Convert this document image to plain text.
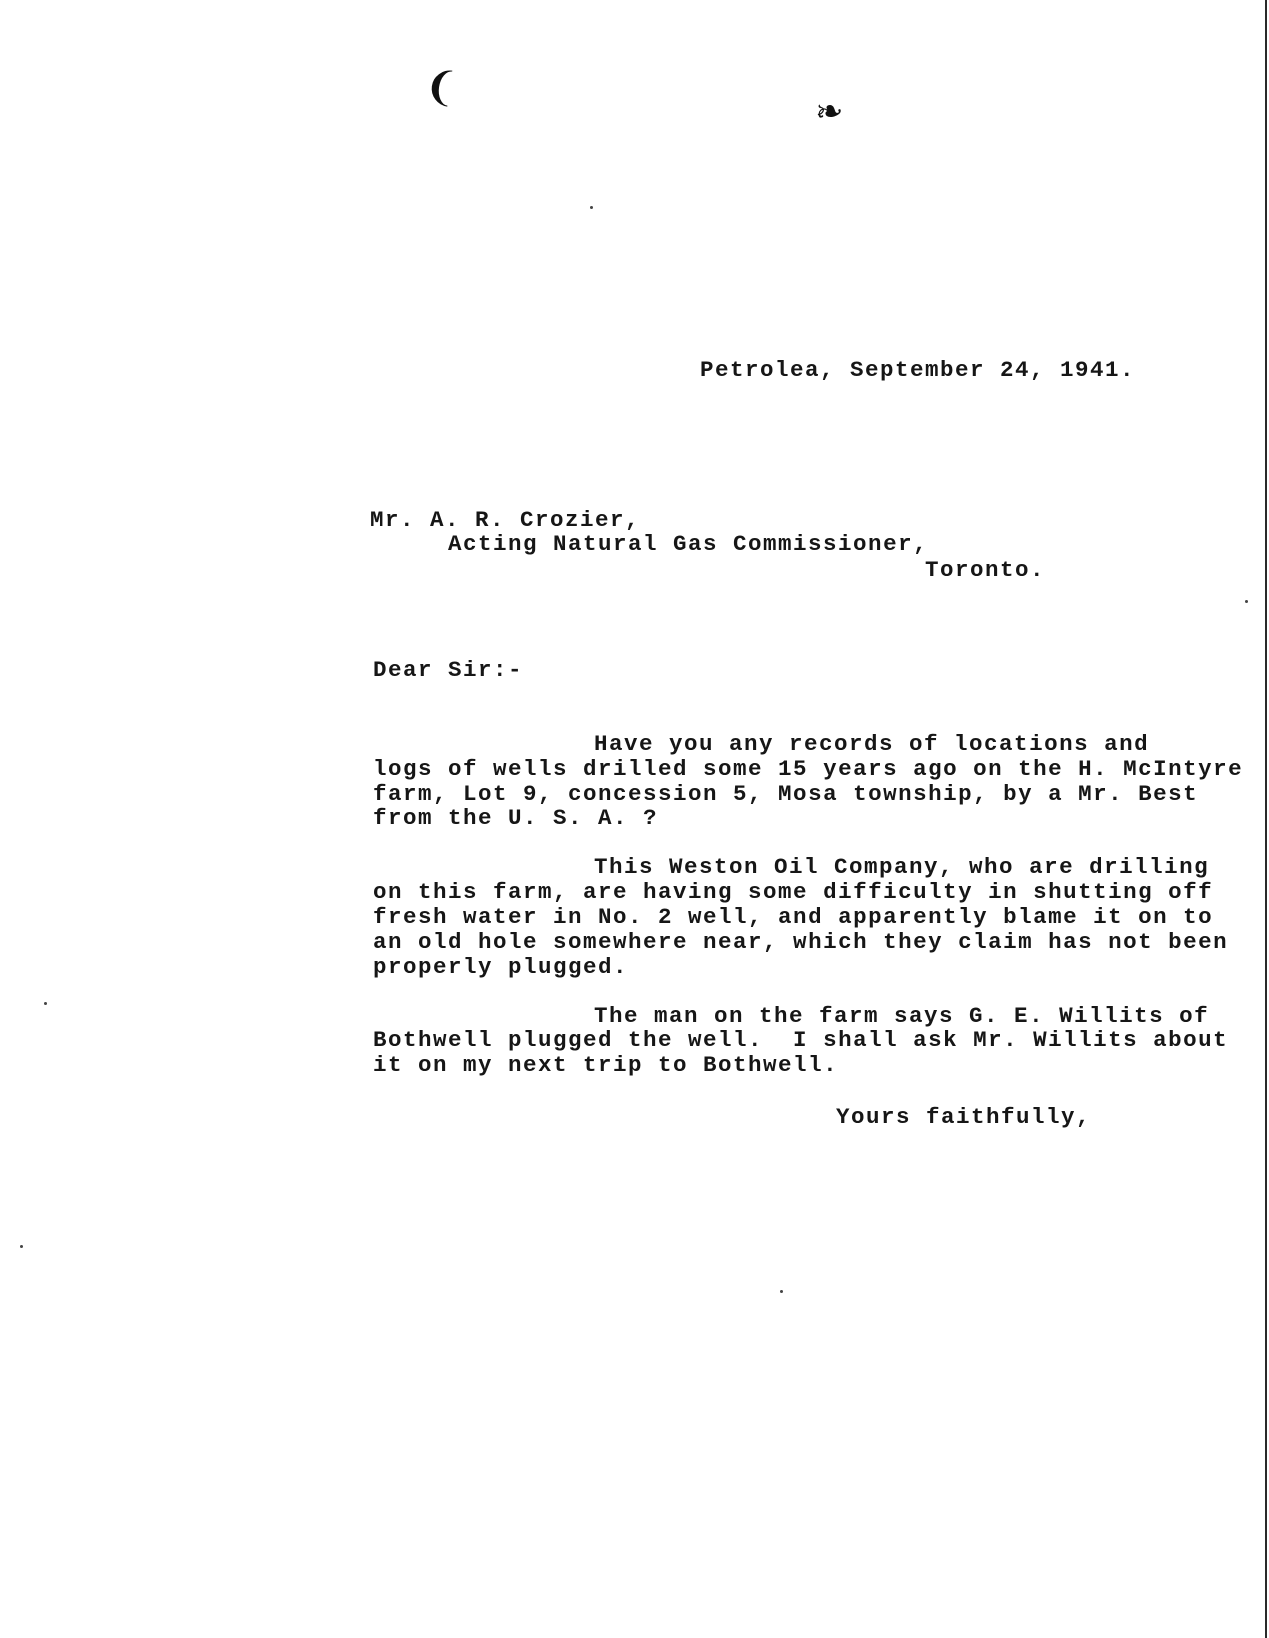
❨	❧
Petrolea, September 24, 1941.
Mr. A. R. Crozier,
Acting Natural Gas Commissioner,
Toronto.
Dear Sir:-
Have you any records of locations and
logs of wells drilled some 15 years ago on the H. McIntyre
farm, Lot 9, concession 5, Mosa township, by a Mr. Best
from the U. S. A. ?
This Weston Oil Company, who are drilling
on this farm, are having some difficulty in shutting off
fresh water in No. 2 well, and apparently blame it on to
an old hole somewhere near, which they claim has not been
properly plugged.
The man on the farm says G. E. Willits of
Bothwell plugged the well.  I shall ask Mr. Willits about
it on my next trip to Bothwell.
Yours faithfully,
